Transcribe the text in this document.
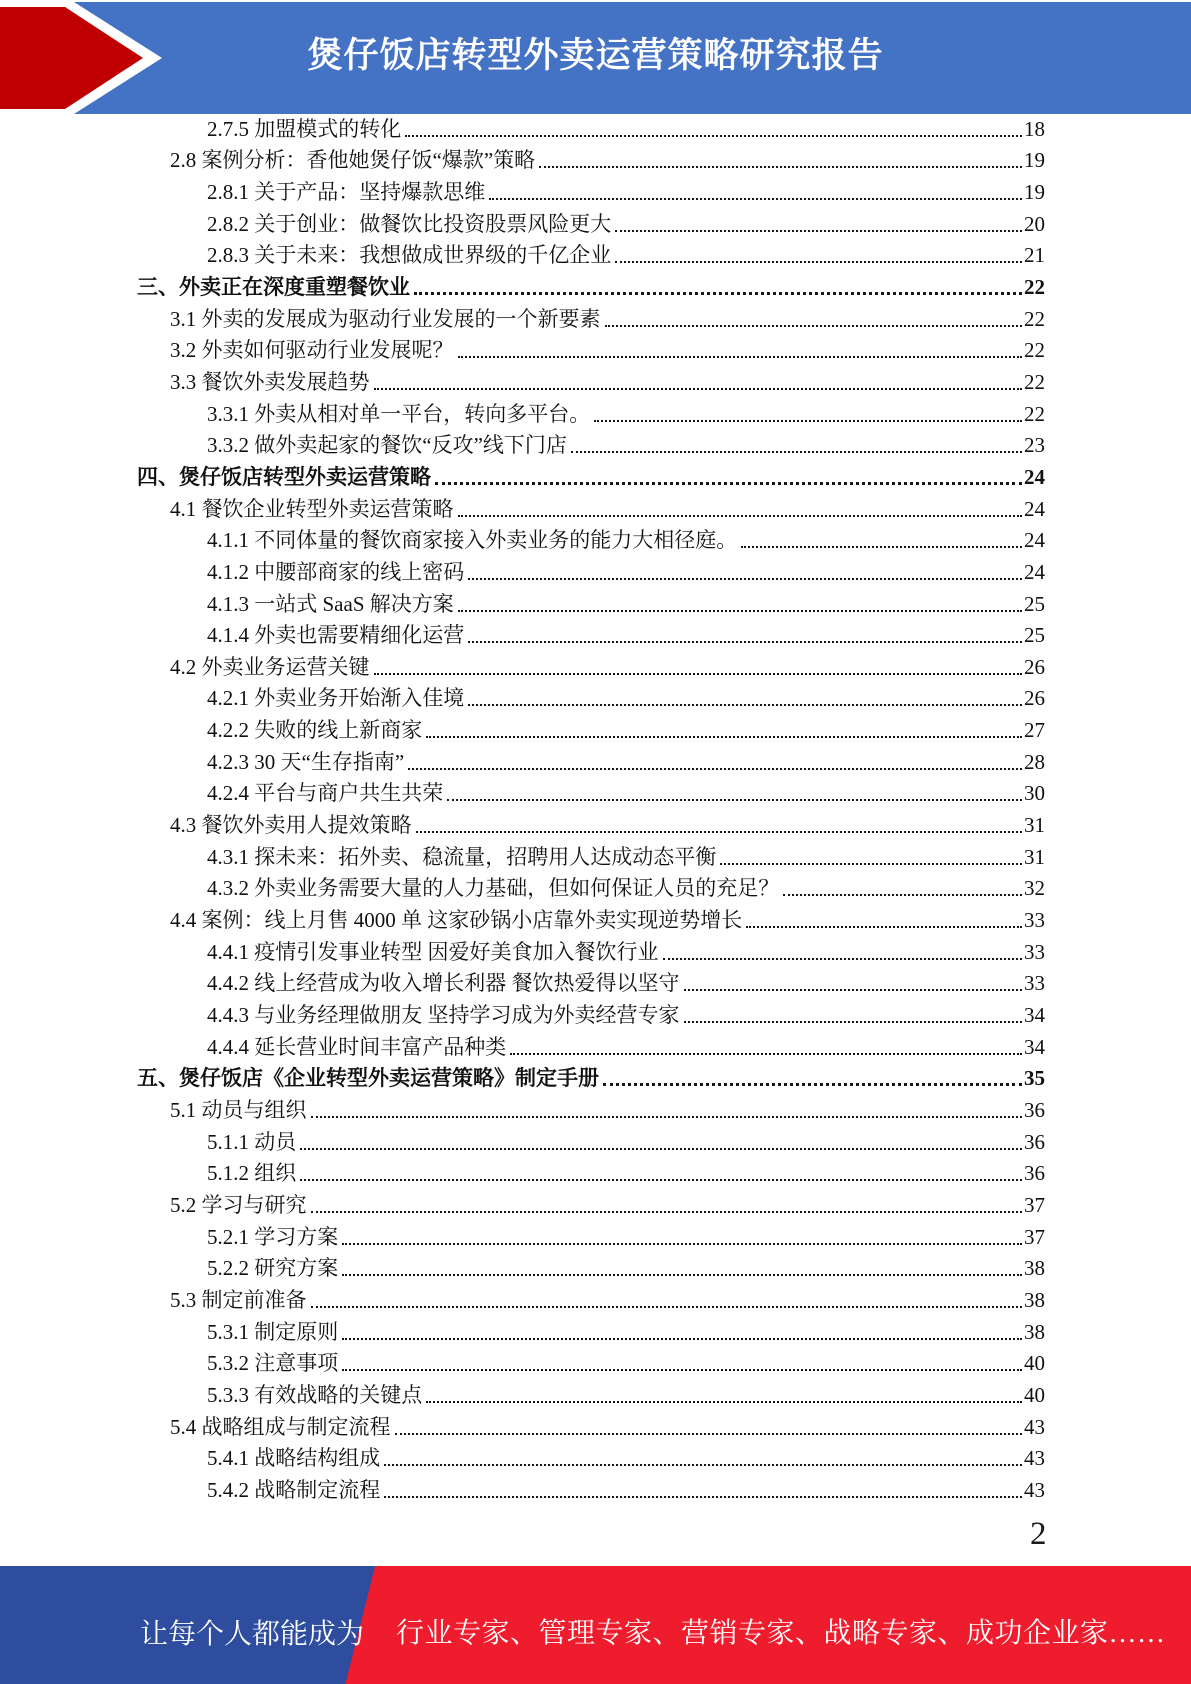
煲仔饭店转型外卖运营策略研究报告
2.7.5 加盟模式的转化	18
2.8 案例分析：香他她煲仔饭“爆款”策略	19
2.8.1 关于产品：坚持爆款思维	19
2.8.2 关于创业：做餐饮比投资股票风险更大	20
2.8.3 关于未来：我想做成世界级的千亿企业	21
三、外卖正在深度重塑餐饮业	22
3.1 外卖的发展成为驱动行业发展的一个新要素	22
3.2 外卖如何驱动行业发展呢？	22
3.3 餐饮外卖发展趋势	22
3.3.1 外卖从相对单一平台，转向多平台。	22
3.3.2 做外卖起家的餐饮“反攻”线下门店	23
四、煲仔饭店转型外卖运营策略	24
4.1 餐饮企业转型外卖运营策略	24
4.1.1 不同体量的餐饮商家接入外卖业务的能力大相径庭。	24
4.1.2 中腰部商家的线上密码	24
4.1.3 一站式 SaaS 解决方案	25
4.1.4 外卖也需要精细化运营	25
4.2 外卖业务运营关键	26
4.2.1 外卖业务开始渐入佳境	26
4.2.2 失败的线上新商家	27
4.2.3 30 天“生存指南”	28
4.2.4 平台与商户共生共荣	30
4.3 餐饮外卖用人提效策略	31
4.3.1 探未来：拓外卖、稳流量，招聘用人达成动态平衡	31
4.3.2 外卖业务需要大量的人力基础，但如何保证人员的充足？	32
4.4 案例：线上月售 4000 单 这家砂锅小店靠外卖实现逆势增长	33
4.4.1 疫情引发事业转型 因爱好美食加入餐饮行业	33
4.4.2 线上经营成为收入增长利器 餐饮热爱得以坚守	33
4.4.3 与业务经理做朋友 坚持学习成为外卖经营专家	34
4.4.4 延长营业时间丰富产品种类	34
五、煲仔饭店《企业转型外卖运营策略》制定手册	35
5.1 动员与组织	36
5.1.1 动员	36
5.1.2 组织	36
5.2 学习与研究	37
5.2.1 学习方案	37
5.2.2 研究方案	38
5.3 制定前准备	38
5.3.1 制定原则	38
5.3.2 注意事项	40
5.3.3 有效战略的关键点	40
5.4 战略组成与制定流程	43
5.4.1 战略结构组成	43
5.4.2 战略制定流程	43
2
让每个人都能成为 行业专家、管理专家、营销专家、战略专家、成功企业家……
